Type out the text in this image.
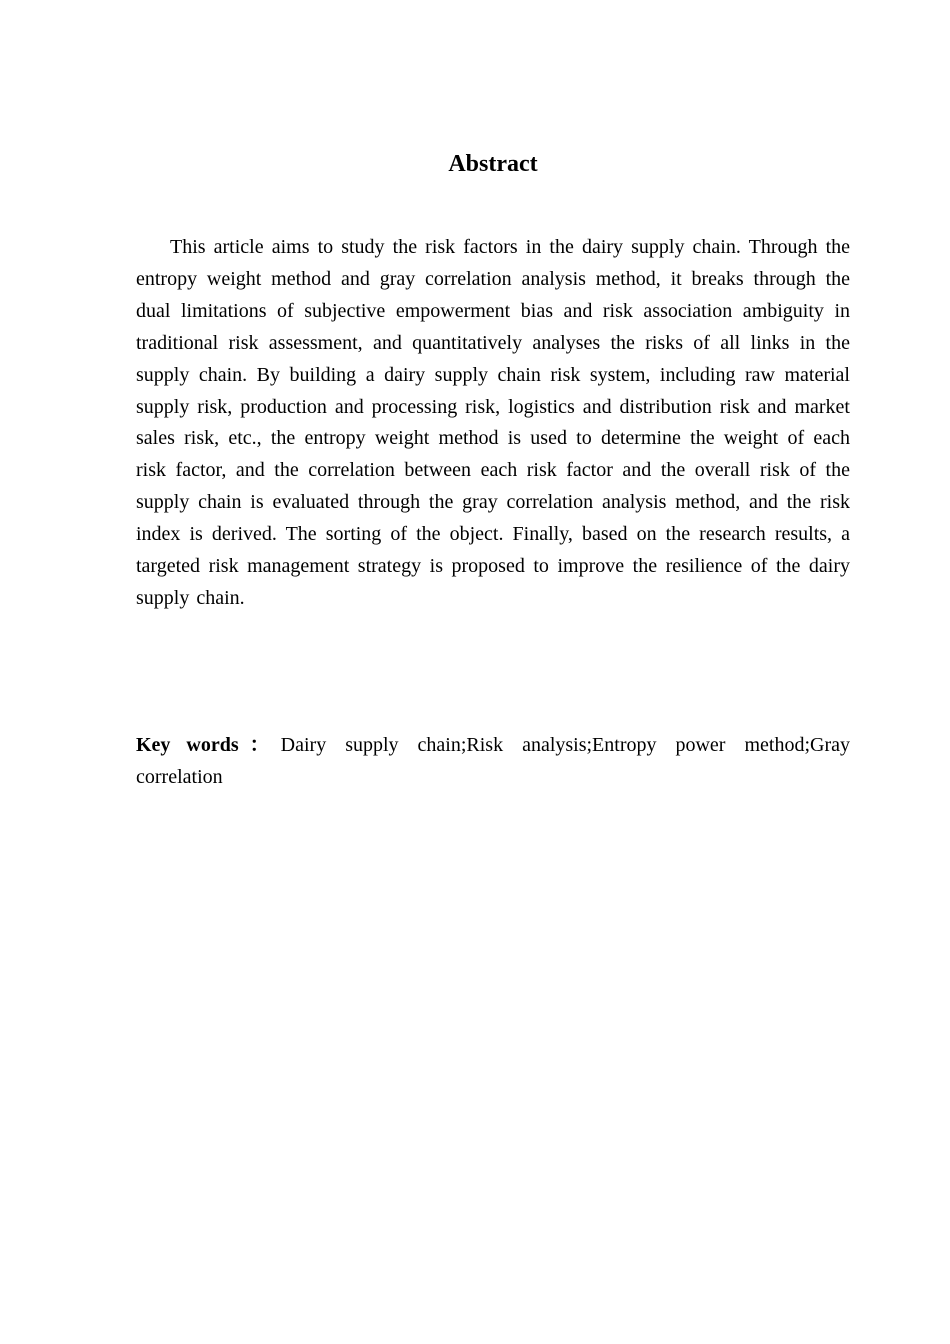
Abstract

This article aims to study the risk factors in the dairy supply chain. Through the entropy weight method and gray correlation analysis method, it breaks through the dual limitations of subjective empowerment bias and risk association ambiguity in traditional risk assessment, and quantitatively analyses the risks of all links in the supply chain. By building a dairy supply chain risk system, including raw material supply risk, production and processing risk, logistics and distribution risk and market sales risk, etc., the entropy weight method is used to determine the weight of each risk factor, and the correlation between each risk factor and the overall risk of the supply chain is evaluated through the gray correlation analysis method, and the risk index is derived. The sorting of the object. Finally, based on the research results, a targeted risk management strategy is proposed to improve the resilience of the dairy supply chain.

Key words：Dairy supply chain;Risk analysis;Entropy power method;Gray correlation
